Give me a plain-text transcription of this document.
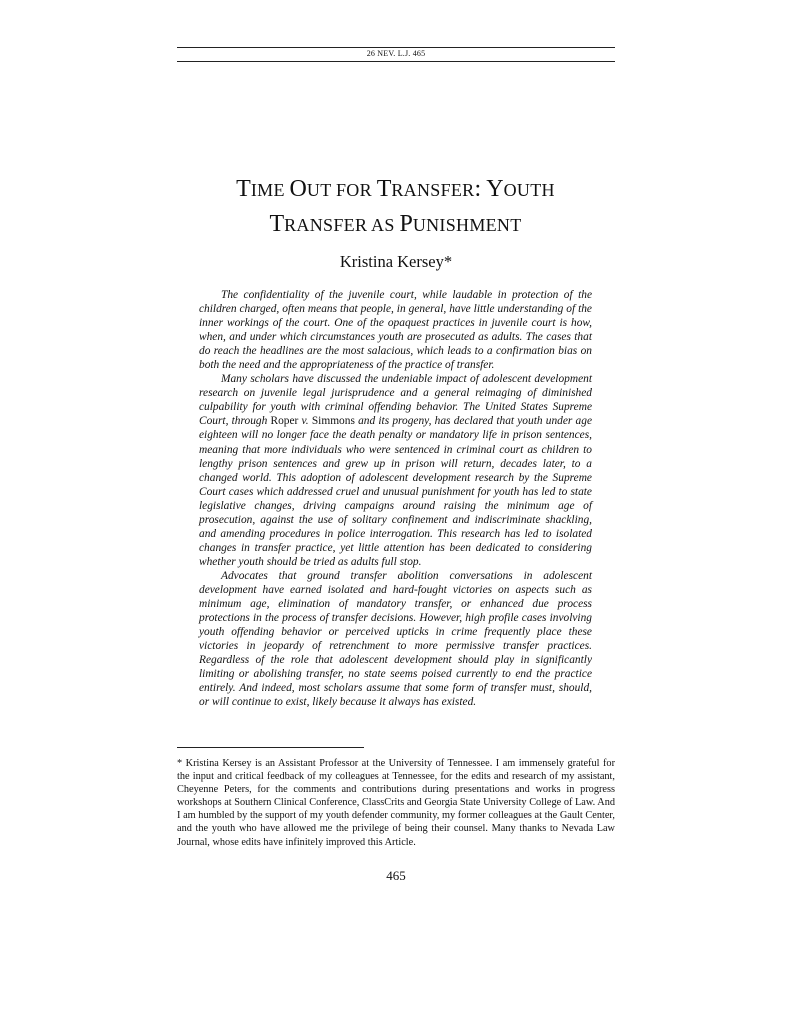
26 NEV. L.J. 465
TIME OUT FOR TRANSFER: YOUTH
TRANSFER AS PUNISHMENT
Kristina Kersey*

The confidentiality of the juvenile court, while laudable in protection of the children charged, often means that people, in general, have little understanding of the inner workings of the court. One of the opaquest practices in juvenile court is how, when, and under which circumstances youth are prosecuted as adults. The cases that do reach the headlines are the most salacious, which leads to a confirmation bias on both the need and the appropriateness of the practice of transfer.

Many scholars have discussed the undeniable impact of adolescent development research on juvenile legal jurisprudence and a general reimaging of diminished culpability for youth with criminal offending behavior. The United States Supreme Court, through Roper v. Simmons and its progeny, has declared that youth under age eighteen will no longer face the death penalty or mandatory life in prison sentences, meaning that more individuals who were sentenced in criminal court as children to lengthy prison sentences and grew up in prison will return, decades later, to a changed world. This adoption of adolescent development research by the Supreme Court cases which addressed cruel and unusual punishment for youth has led to state legislative changes, driving campaigns around raising the minimum age of prosecution, against the use of solitary confinement and indiscriminate shackling, and amending procedures in police interrogation. This research has led to isolated changes in transfer practice, yet little attention has been dedicated to considering whether youth should be tried as adults full stop.

Advocates that ground transfer abolition conversations in adolescent development have earned isolated and hard-fought victories on aspects such as minimum age, elimination of mandatory transfer, or enhanced due process protections in the process of transfer decisions. However, high profile cases involving youth offending behavior or perceived upticks in crime frequently place these victories in jeopardy of retrenchment to more permissive transfer practices. Regardless of the role that adolescent development should play in significantly limiting or abolishing transfer, no state seems poised currently to end the practice entirely. And indeed, most scholars assume that some form of transfer must, should, or will continue to exist, likely because it always has existed.

* Kristina Kersey is an Assistant Professor at the University of Tennessee. I am immensely grateful for the input and critical feedback of my colleagues at Tennessee, for the edits and research of my assistant, Cheyenne Peters, for the comments and contributions during presentations and works in progress workshops at Southern Clinical Conference, ClassCrits and Georgia State University College of Law. And I am humbled by the support of my youth defender community, my former colleagues at the Gault Center, and the youth who have allowed me the privilege of being their counsel. Many thanks to Nevada Law Journal, whose edits have infinitely improved this Article.

465
